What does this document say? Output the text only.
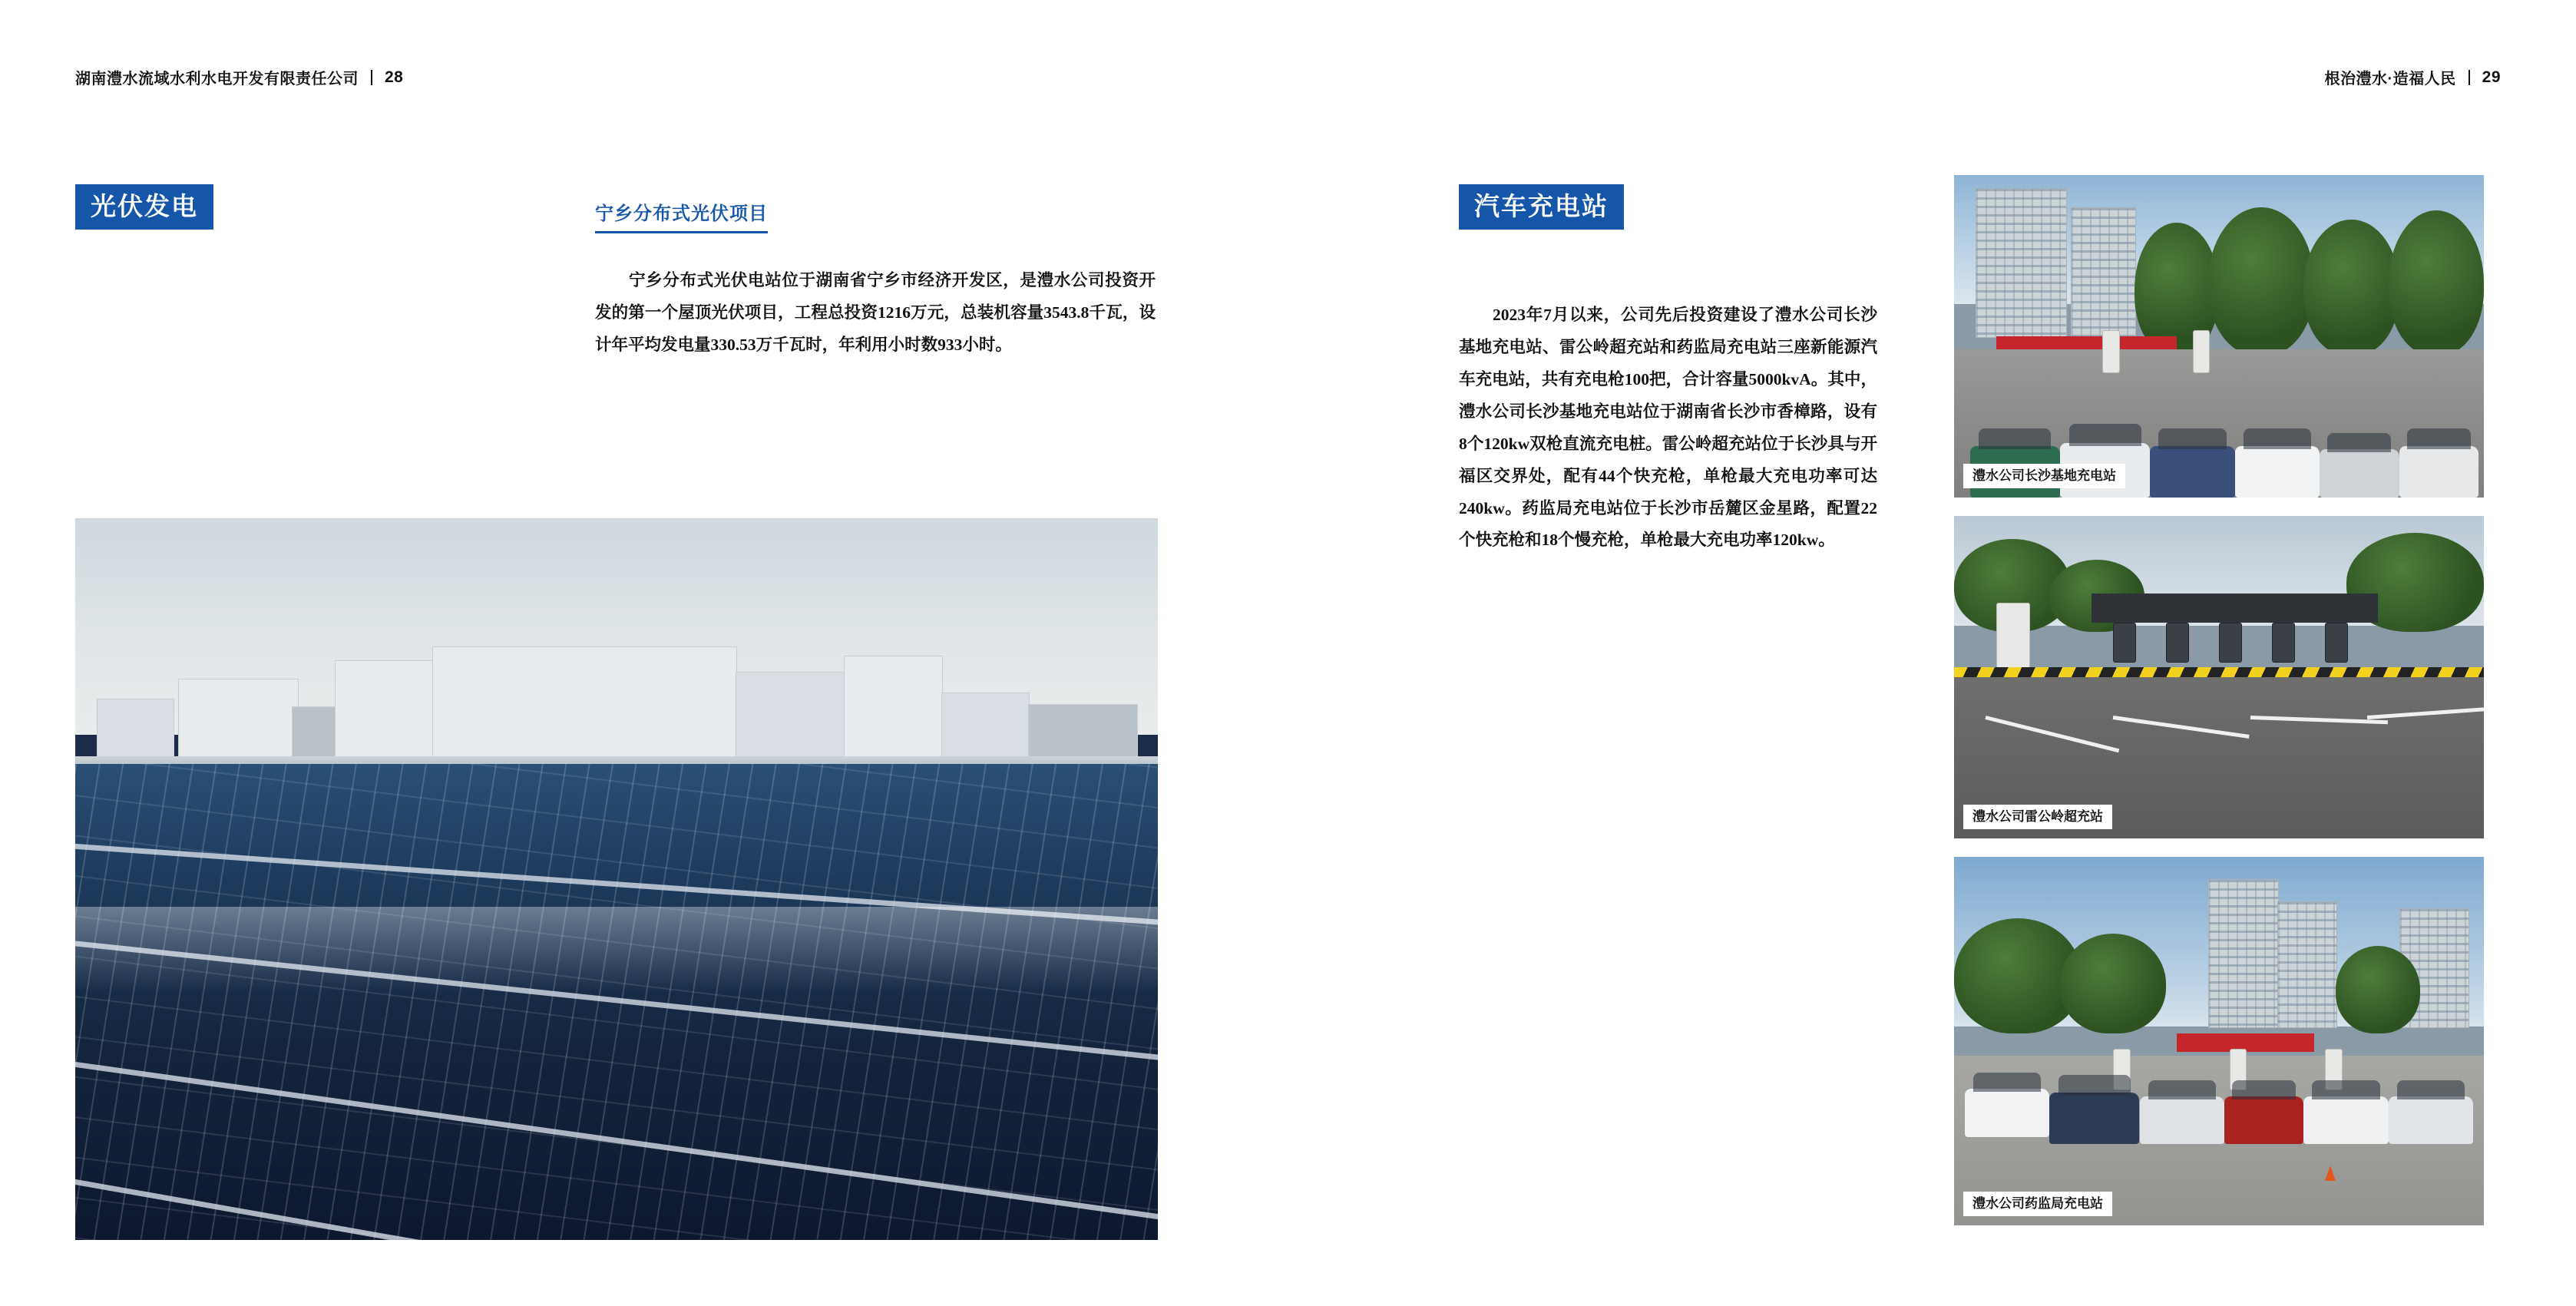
湖南澧水流域水利水电开发有限责任公司 28
光伏发电	宁乡分布式光伏项目
宁乡分布式光伏电站位于湖南省宁乡市经济开发区，是澧水公司投资开发的第一个屋顶光伏项目，工程总投资1216万元，总装机容量3543.8千瓦，设计年平均发电量330.53万千瓦时，年利用小时数933小时。
根治澧水·造福人民 29
汽车充电站
2023年7月以来，公司先后投资建设了澧水公司长沙基地充电站、雷公岭超充站和药监局充电站三座新能源汽车充电站，共有充电枪100把，合计容量5000kvA。其中，澧水公司长沙基地充电站位于湖南省长沙市香樟路，设有8个120kw双枪直流充电桩。雷公岭超充站位于长沙具与开福区交界处，配有44个快充枪，单枪最大充电功率可达240kw。药监局充电站位于长沙市岳麓区金星路，配置22个快充枪和18个慢充枪，单枪最大充电功率120kw。
澧水公司长沙基地充电站
澧水公司雷公岭超充站
澧水公司药监局充电站
